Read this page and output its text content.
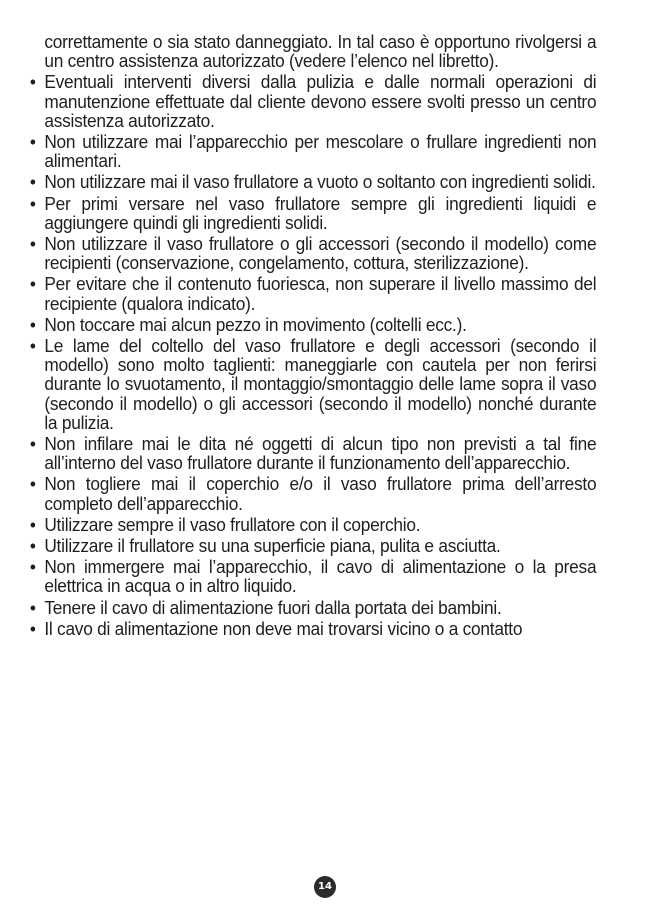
correttamente o sia stato danneggiato. In tal caso è opportuno rivolgersi a un centro assistenza autorizzato (vedere l’elenco nel libretto).

• Eventuali interventi diversi dalla pulizia e dalle normali operazioni di manutenzione effettuate dal cliente devono essere svolti presso un centro assistenza autorizzato.
• Non utilizzare mai l’apparecchio per mescolare o frullare ingredienti non alimentari.
• Non utilizzare mai il vaso frullatore a vuoto o soltanto con ingredienti solidi.
• Per primi versare nel vaso frullatore sempre gli ingredienti liquidi e aggiungere quindi gli ingredienti solidi.
• Non utilizzare il vaso frullatore o gli accessori (secondo il modello) come recipienti (conservazione, congelamento, cottura, sterilizzazione).
• Per evitare che il contenuto fuoriesca, non superare il livello massimo del recipiente (qualora indicato).
• Non toccare mai alcun pezzo in movimento (coltelli ecc.).
• Le lame del coltello del vaso frullatore e degli accessori (secondo il modello) sono molto taglienti: maneggiarle con cautela per non ferirsi durante lo svuotamento, il montaggio/smontaggio delle lame sopra il vaso (secondo il modello) o gli accessori (secondo il modello) nonché durante la pulizia.
• Non infilare mai le dita né oggetti di alcun tipo non previsti a tal fine all’interno del vaso frullatore durante il funzionamento dell’apparecchio.
• Non togliere mai il coperchio e/o il vaso frullatore prima dell’arresto completo dell’apparecchio.
• Utilizzare sempre il vaso frullatore con il coperchio.
• Utilizzare il frullatore su una superficie piana, pulita e asciutta.
• Non immergere mai l’apparecchio, il cavo di alimentazione o la presa elettrica in acqua o in altro liquido.
• Tenere il cavo di alimentazione fuori dalla portata dei bambini.
• Il cavo di alimentazione non deve mai trovarsi vicino o a contatto
14
